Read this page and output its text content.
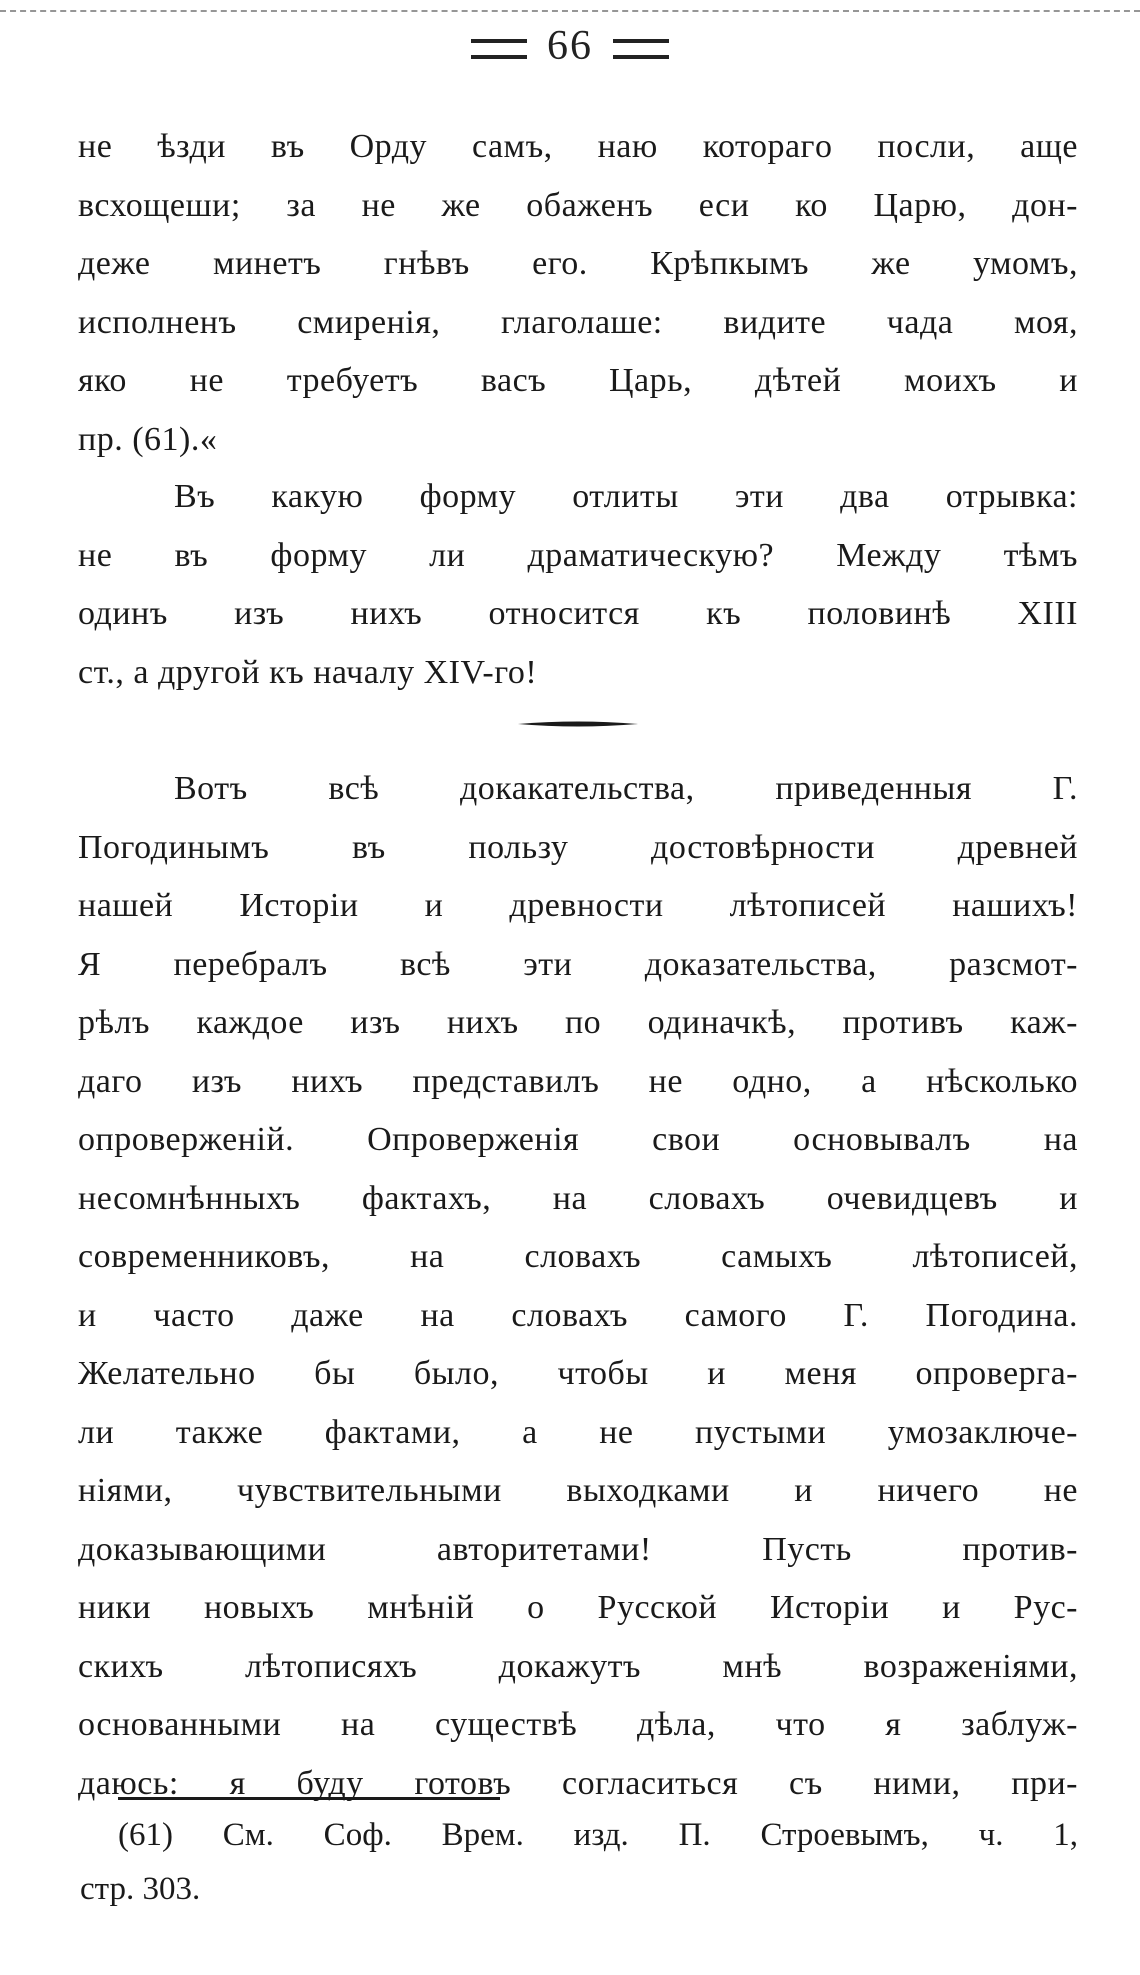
66
не ѣзди въ Орду самъ, наю которагo посли, аще
всхощеши; за не же обаженъ еси ко Царю, дон-
деже минетъ гнѣвъ его. Крѣпкымъ же умомъ,
исполненъ смиренія, глаголаше: видите чада моя,
яко не требуетъ васъ Царь, дѣтей моихъ и
пр. (61).«
Въ какую форму отлиты эти два отрывка:
не въ форму ли драматическую? Между тѣмъ
одинъ изъ нихъ относится къ половинѣ XIII
ст., а другой къ началу XIV-го!
Вотъ всѣ докакательства, приведенныя Г.
Погодинымъ въ пользу достовѣрности древней
нашей Исторіи и древности лѣтописей нашихъ!
Я перебралъ всѣ эти доказательства, разсмот-
рѣлъ каждое изъ нихъ по одиначкѣ, противъ каж-
даго изъ нихъ представилъ не одно, а нѣсколько
опроверженій. Опроверженія свои основывалъ на
несомнѣнныхъ фактахъ, на словахъ очевидцевъ и
современниковъ, на словахъ самыхъ лѣтописей,
и часто даже на словахъ самого Г. Погодина.
Желательно бы было, чтобы и меня опроверга-
ли также фактами, а не пустыми умозаключе-
ніями, чувствительными выходками и ничего не
доказывающими авторитетами! Пусть против-
ники новыхъ мнѣній о Русской Исторіи и Рус-
скихъ лѣтописяхъ докажутъ мнѣ возраженіями,
основанными на существѣ дѣла, что я заблуж-
даюсь: я буду готовъ согласиться съ ними, при-
(61) См. Соф. Врем. изд. П. Строевымъ, ч. 1,
стр. 303.
